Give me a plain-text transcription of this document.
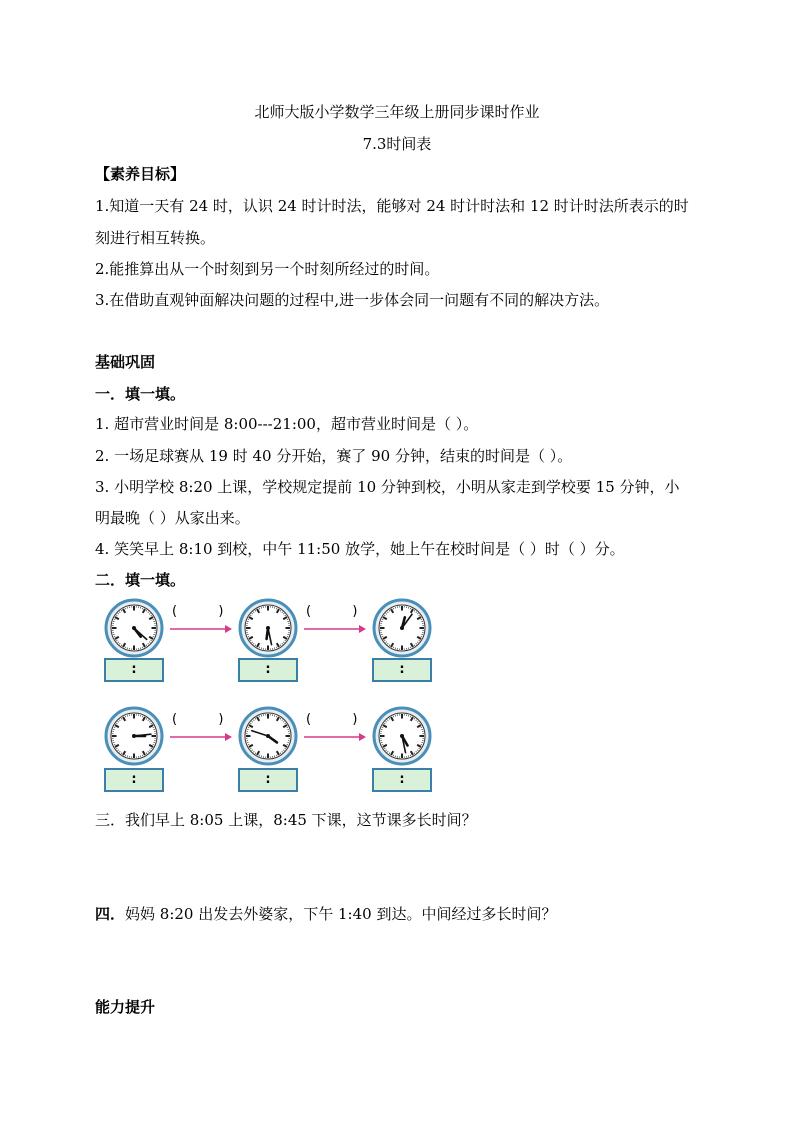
北师大版小学数学三年级上册同步课时作业
7.3时间表
【素养目标】
1.知道一天有 24 时，认识 24 时计时法，能够对 24 时计时法和 12 时计时法所表示的时
刻进行相互转换。
2.能推算出从一个时刻到另一个时刻所经过的时间。
3.在借助直观钟面解决问题的过程中,进一步体会同一问题有不同的解决方法。
基础巩固
一．填一填。
1. 超市营业时间是 8:00---21:00，超市营业时间是（ ）。
2. 一场足球赛从 19 时 40 分开始，赛了 90 分钟，结束的时间是（ ）。
3. 小明学校 8:20 上课，学校规定提前 10 分钟到校，小明从家走到学校要 15 分钟，小
明最晚（ ）从家出来。
4. 笑笑早上 8:10 到校，中午 11:50 放学，她上午在校时间是（ ）时（ ）分。
二．填一填。
:	:	:
(          )	(          )
:	:	:
(          )	(          )
三．我们早上 8:05 上课，8:45 下课，这节课多长时间？
四．妈妈 8:20 出发去外婆家，下午 1:40 到达。中间经过多长时间？
能力提升
